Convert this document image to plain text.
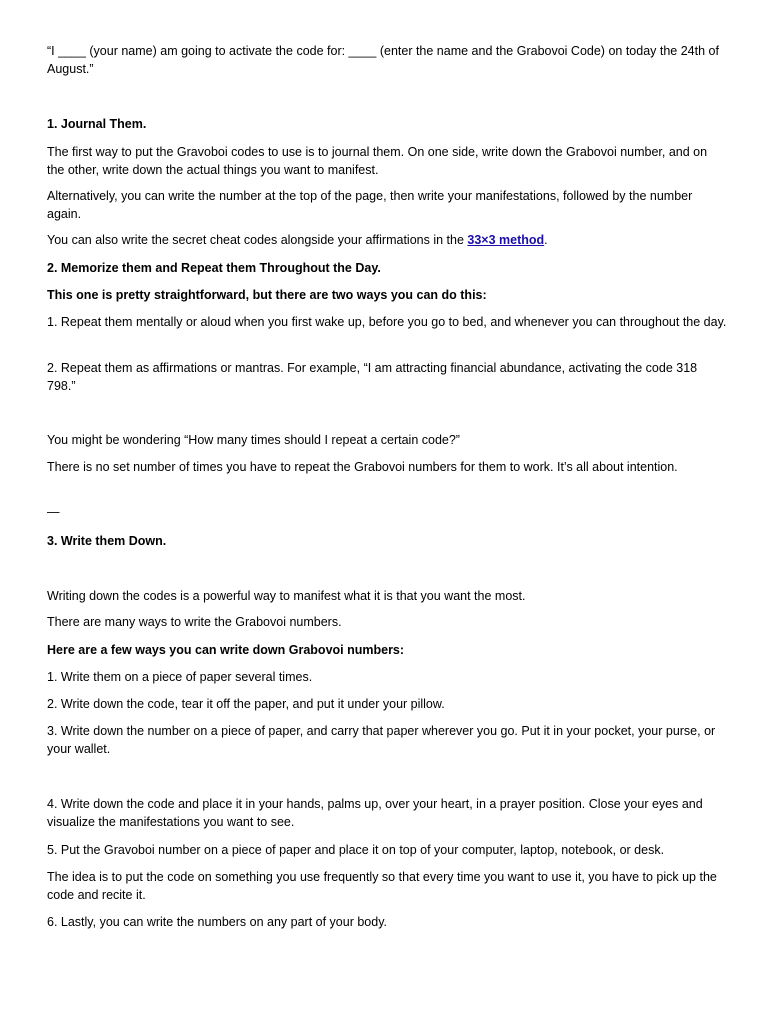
“I ____ (your name) am going to activate the code for: ____ (enter the name and the Grabovoi Code) on today the 24th of August.”

1. Journal Them.

The first way to put the Gravoboi codes to use is to journal them. On one side, write down the Grabovoi number, and on the other, write down the actual things you want to manifest.

Alternatively, you can write the number at the top of the page, then write your manifestations, followed by the number again.

You can also write the secret cheat codes alongside your affirmations in the 33×3 method.

2. Memorize them and Repeat them Throughout the Day.

This one is pretty straightforward, but there are two ways you can do this:

1. Repeat them mentally or aloud when you first wake up, before you go to bed, and whenever you can throughout the day.

2. Repeat them as affirmations or mantras. For example, “I am attracting financial abundance, activating the code 318 798.”

You might be wondering “How many times should I repeat a certain code?”

There is no set number of times you have to repeat the Grabovoi numbers for them to work. It’s all about intention.

—

3. Write them Down.

Writing down the codes is a powerful way to manifest what it is that you want the most.

There are many ways to write the Grabovoi numbers.

Here are a few ways you can write down Grabovoi numbers:

1. Write them on a piece of paper several times.

2. Write down the code, tear it off the paper, and put it under your pillow.

3. Write down the number on a piece of paper, and carry that paper wherever you go. Put it in your pocket, your purse, or your wallet.

4. Write down the code and place it in your hands, palms up, over your heart, in a prayer position. Close your eyes and visualize the manifestations you want to see.

5. Put the Gravoboi number on a piece of paper and place it on top of your computer, laptop, notebook, or desk.

The idea is to put the code on something you use frequently so that every time you want to use it, you have to pick up the code and recite it.

6. Lastly, you can write the numbers on any part of your body.
